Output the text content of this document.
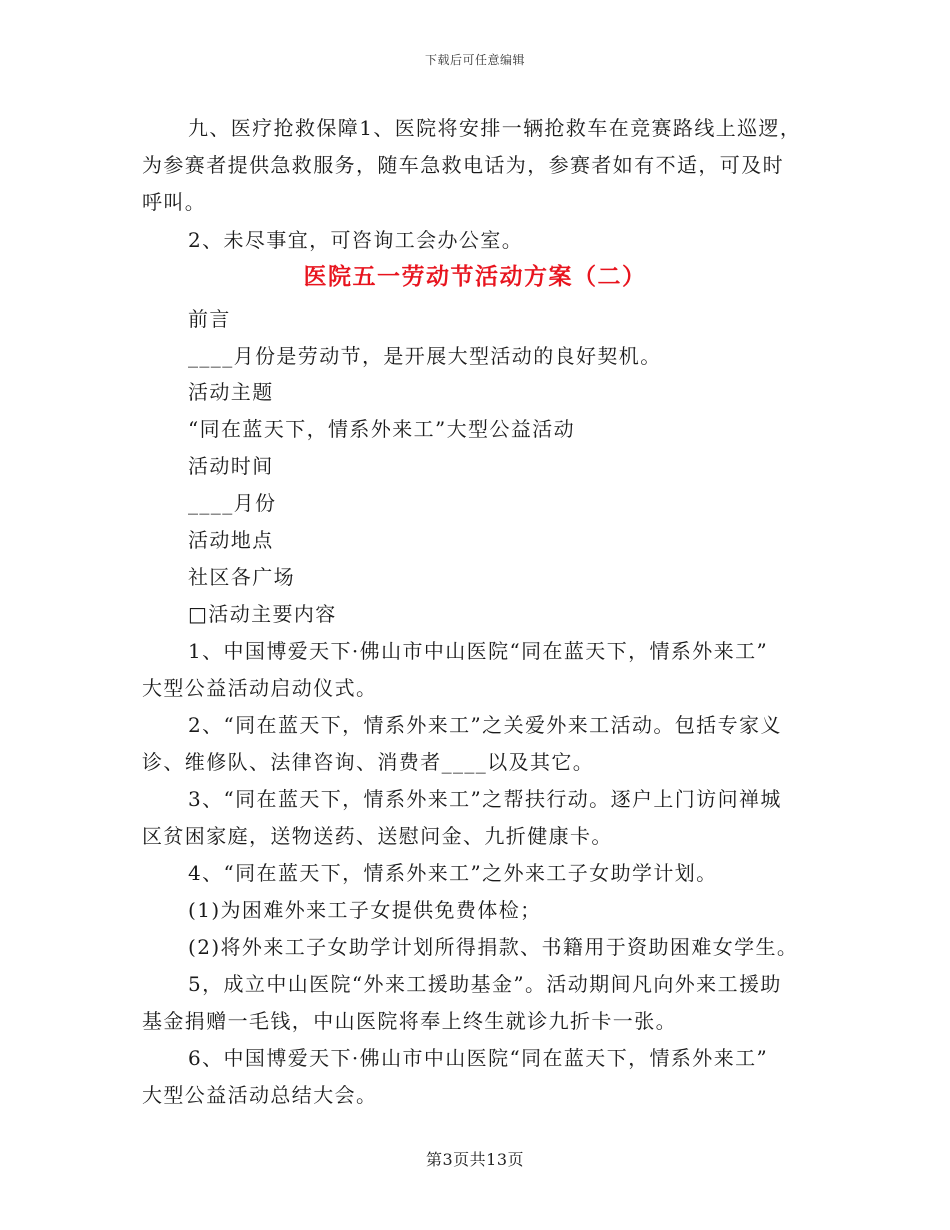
下载后可任意编辑
九、医疗抢救保障1、医院将安排一辆抢救车在竞赛路线上巡逻，
为参赛者提供急救服务，随车急救电话为，参赛者如有不适，可及时
呼叫。
2、未尽事宜，可咨询工会办公室。
医院五一劳动节活动方案（二）
前言
____月份是劳动节，是开展大型活动的良好契机。
活动主题
“同在蓝天下，情系外来工”大型公益活动
活动时间
____月份
活动地点
社区各广场
□活动主要内容
1、中国博爱天下·佛山市中山医院“同在蓝天下，情系外来工”
大型公益活动启动仪式。
2、“同在蓝天下，情系外来工”之关爱外来工活动。包括专家义
诊、维修队、法律咨询、消费者____以及其它。
3、“同在蓝天下，情系外来工”之帮扶行动。逐户上门访问禅城
区贫困家庭，送物送药、送慰问金、九折健康卡。
4、“同在蓝天下，情系外来工”之外来工子女助学计划。
(1)为困难外来工子女提供免费体检；
(2)将外来工子女助学计划所得捐款、书籍用于资助困难女学生。
5，成立中山医院“外来工援助基金”。活动期间凡向外来工援助
基金捐赠一毛钱，中山医院将奉上终生就诊九折卡一张。
6、中国博爱天下·佛山市中山医院“同在蓝天下，情系外来工”
大型公益活动总结大会。
第3页共13页
